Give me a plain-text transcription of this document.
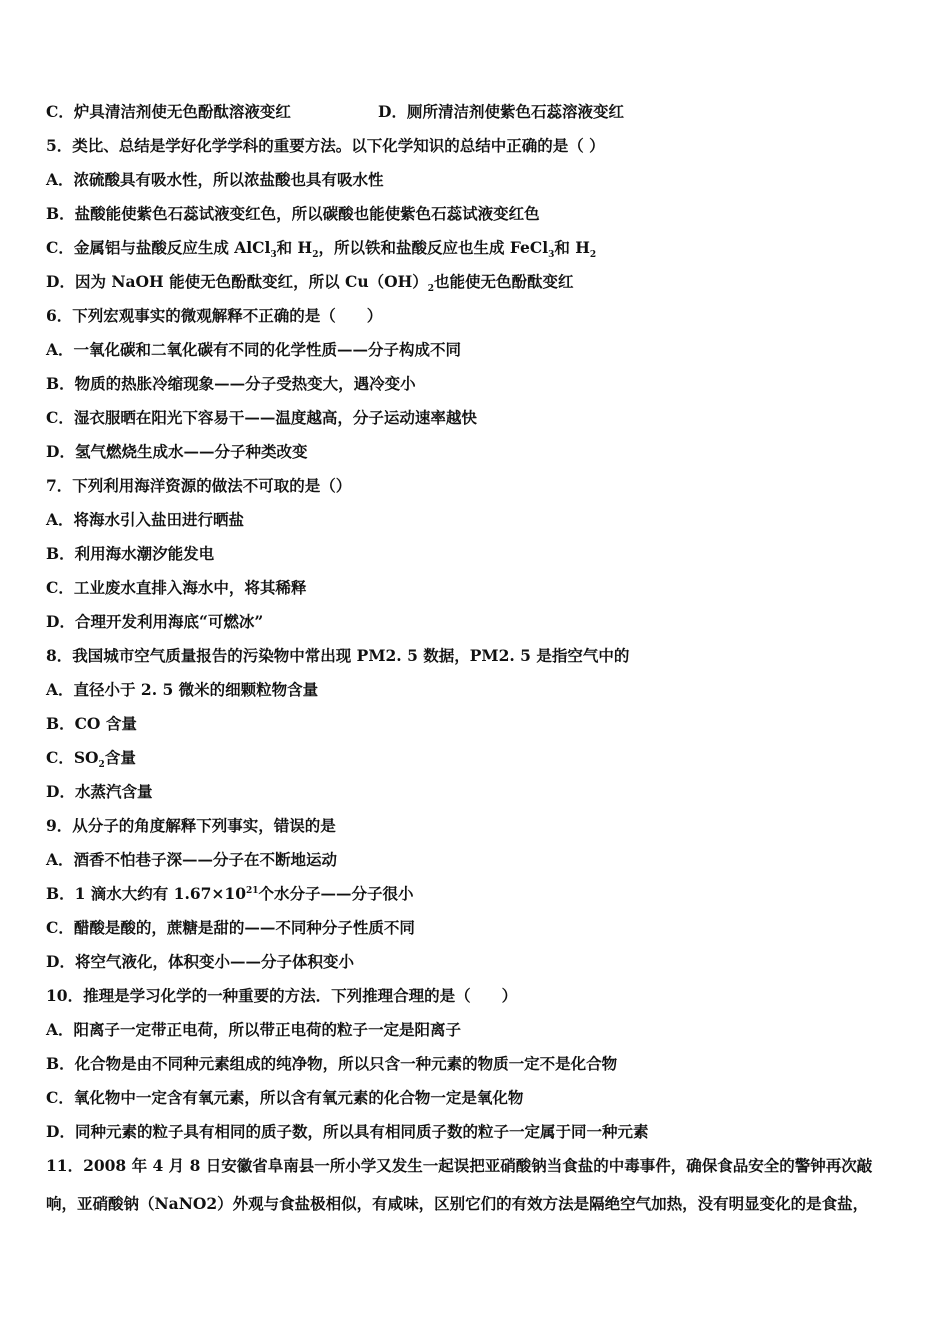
C．炉具清洁剂使无色酚酞溶液变红	D．厕所清洁剂使紫色石蕊溶液变红
5．类比、总结是学好化学学科的重要方法。以下化学知识的总结中正确的是（ ）
A．浓硫酸具有吸水性，所以浓盐酸也具有吸水性
B．盐酸能使紫色石蕊试液变红色，所以碳酸也能使紫色石蕊试液变红色
C．金属铝与盐酸反应生成 AlCl$_3$和 $H_2$，所以铁和盐酸反应也生成 FeCl$_3$和 $H_2$
D．因为 NaOH 能使无色酚酞变红，所以 $Cu(OH)_2$也能使无色酚酞变红
6．下列宏观事实的微观解释不正确的是（　　）
A．一氧化碳和二氧化碳有不同的化学性质——分子构成不同
B．物质的热胀冷缩现象——分子受热变大，遇冷变小
C．湿衣服晒在阳光下容易干——温度越高，分子运动速率越快
D．氢气燃烧生成水——分子种类改变
7．下列利用海洋资源的做法不可取的是（）
A．将海水引入盐田进行晒盐
B．利用海水潮汐能发电
C．工业废水直排入海水中，将其稀释
D．合理开发利用海底“可燃冰”
8．我国城市空气质量报告的污染物中常出现 PM2. 5 数据，PM2. 5 是指空气中的
A．直径小于 2. 5 微米的细颗粒物含量
B．CO 含量
C．$SO_2$含量
D．水蒸汽含量
9．从分子的角度解释下列事实，错误的是
A．酒香不怕巷子深——分子在不断地运动
B．1 滴水大约有 $1.67\times 10^{21}$个水分子——分子很小
C．醋酸是酸的，蔗糖是甜的——不同种分子性质不同
D．将空气液化，体积变小——分子体积变小
10．推理是学习化学的一种重要的方法．下列推理合理的是（　　）
A．阳离子一定带正电荷，所以带正电荷的粒子一定是阳离子
B．化合物是由不同种元素组成的纯净物，所以只含一种元素的物质一定不是化合物
C．氧化物中一定含有氧元素，所以含有氧元素的化合物一定是氧化物
D．同种元素的粒子具有相同的质子数，所以具有相同质子数的粒子一定属于同一种元素
11．2008 年 4 月 8 日安徽省阜南县一所小学又发生一起误把亚硝酸钠当食盐的中毒事件，确保食品安全的警钟再次敲
响，亚硝酸钠（NaNO2）外观与食盐极相似，有咸味，区别它们的有效方法是隔绝空气加热，没有明显变化的是食盐，
